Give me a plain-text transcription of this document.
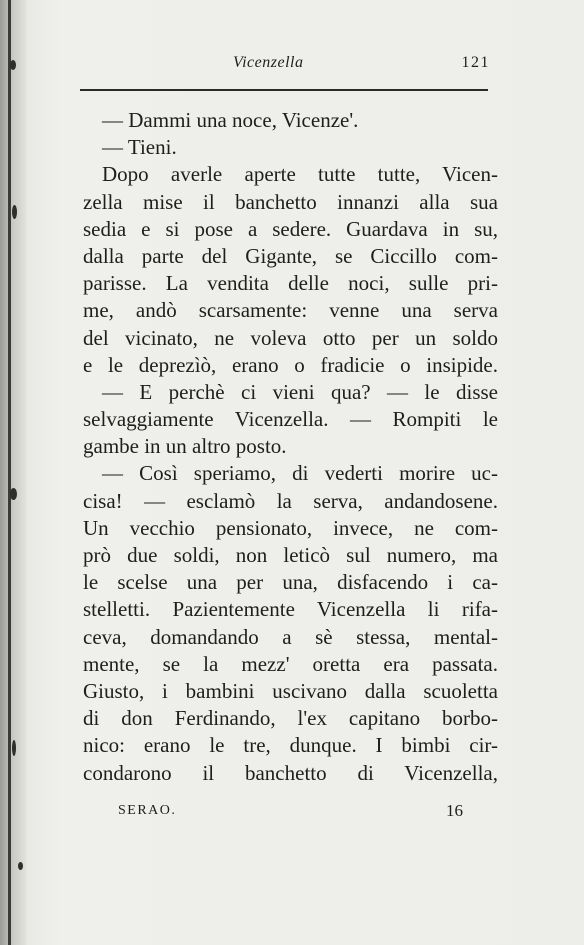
Vicenzella	121
— Dammi una noce, Vicenze'.
— Tieni.
Dopo averle aperte tutte tutte, Vicen-
zella mise il banchetto innanzi alla sua
sedia e si pose a sedere. Guardava in su,
dalla parte del Gigante, se Ciccillo com-
parisse. La vendita delle noci, sulle pri-
me, andò scarsamente: venne una serva
del vicinato, ne voleva otto per un soldo
e le deprezìò, erano o fradicie o insipide.
— E perchè ci vieni qua? — le disse
selvaggiamente Vicenzella. — Rompiti le
gambe in un altro posto.
— Così speriamo, di vederti morire uc-
cisa! — esclamò la serva, andandosene.
Un vecchio pensionato, invece, ne com-
prò due soldi, non leticò sul numero, ma
le scelse una per una, disfacendo i ca-
stelletti. Pazientemente Vicenzella li rifa-
ceva, domandando a sè stessa, mental-
mente, se la mezz' oretta era passata.
Giusto, i bambini uscivano dalla scuoletta
di don Ferdinando, l'ex capitano borbo-
nico: erano le tre, dunque. I bimbi cir-
condarono il banchetto di Vicenzella,
SERAO.	16
